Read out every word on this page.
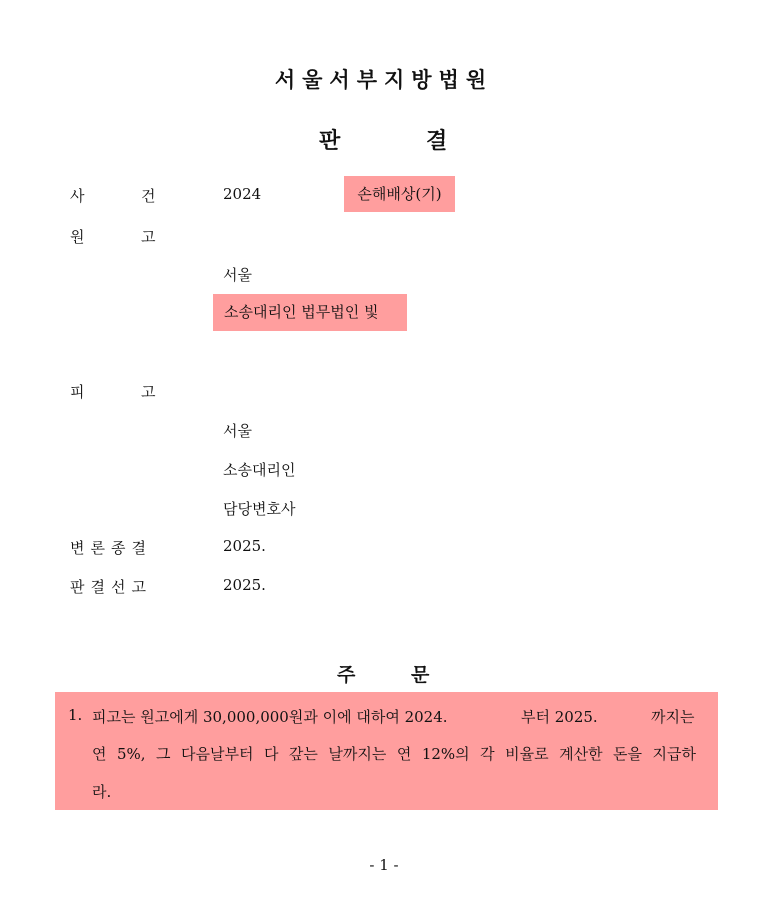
서울서부지방법원
판	결
사	건	2024	손해배상(기)
원	고
서울
소송대리인 법무법인 빛
피	고
서울
소송대리인
담당변호사
변론종결	2025.
판결선고	2025.
주	문
1. 피고는 원고에게 30,000,000원과 이에 대하여 2024.	부터 2025.	까지는
연 5%, 그 다음날부터 다 갚는 날까지는 연 12%의 각 비율로 계산한 돈을 지급하
라.
- 1 -
